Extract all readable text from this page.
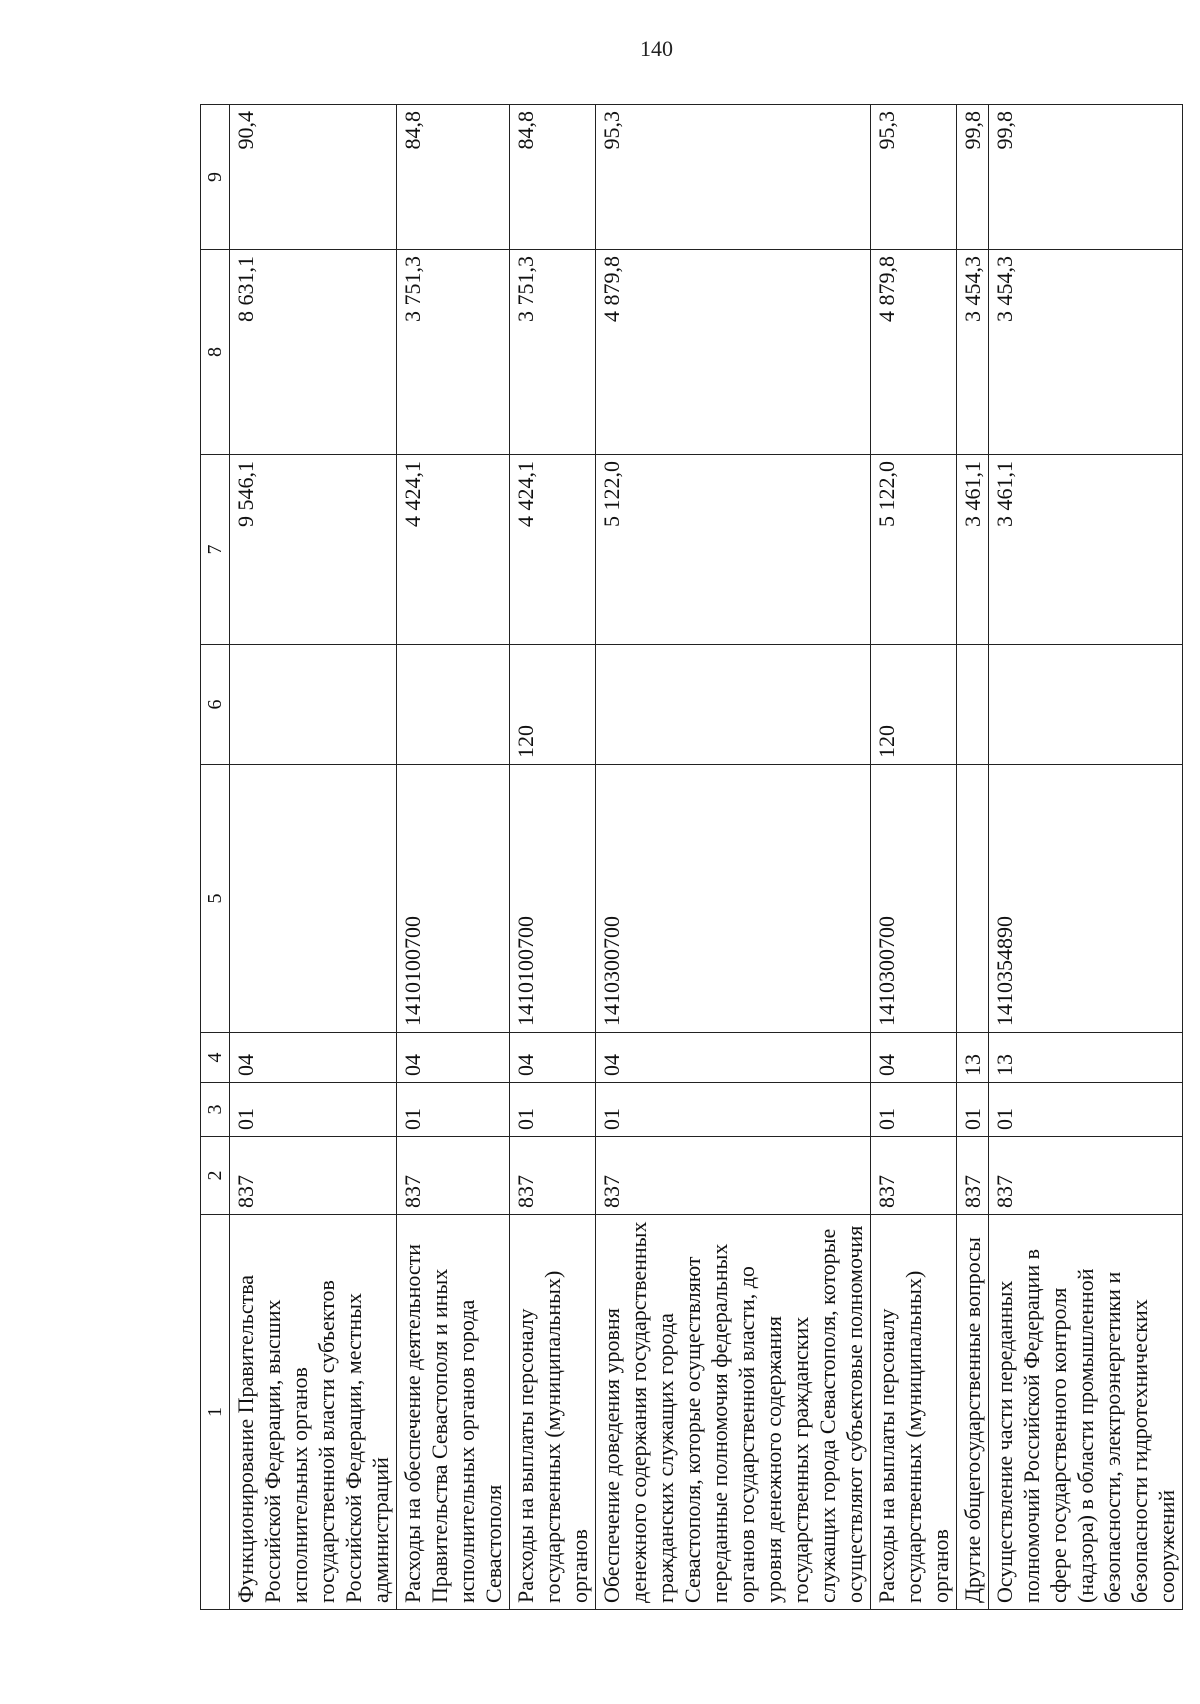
140
1	2	3	4	5	6	7	8	9
Функционирование Правительства Российской Федерации, высших исполнительных органов государственной власти субъектов Российской Федерации, местных администраций	837	01	04			9 546,1	8 631,1	90,4
Расходы на обеспечение деятельности Правительства Севастополя и иных исполнительных органов города Севастополя	837	01	04	1410100700		4 424,1	3 751,3	84,8
Расходы на выплаты персоналу государственных (муниципальных) органов	837	01	04	1410100700	120	4 424,1	3 751,3	84,8
Обеспечение доведения уровня денежного содержания государственных гражданских служащих города Севастополя, которые осуществляют переданные полномочия федеральных органов государственной власти, до уровня денежного содержания государственных гражданских служащих города Севастополя, которые осуществляют субъектовые полномочия	837	01	04	1410300700		5 122,0	4 879,8	95,3
Расходы на выплаты персоналу государственных (муниципальных) органов	837	01	04	1410300700	120	5 122,0	4 879,8	95,3
Другие общегосударственные вопросы	837	01	13			3 461,1	3 454,3	99,8
Осуществление части переданных полномочий Российской Федерации в сфере государственного контроля (надзора) в области промышленной безопасности, электроэнергетики и безопасности гидротехнических сооружений	837	01	13	1410354890		3 461,1	3 454,3	99,8
